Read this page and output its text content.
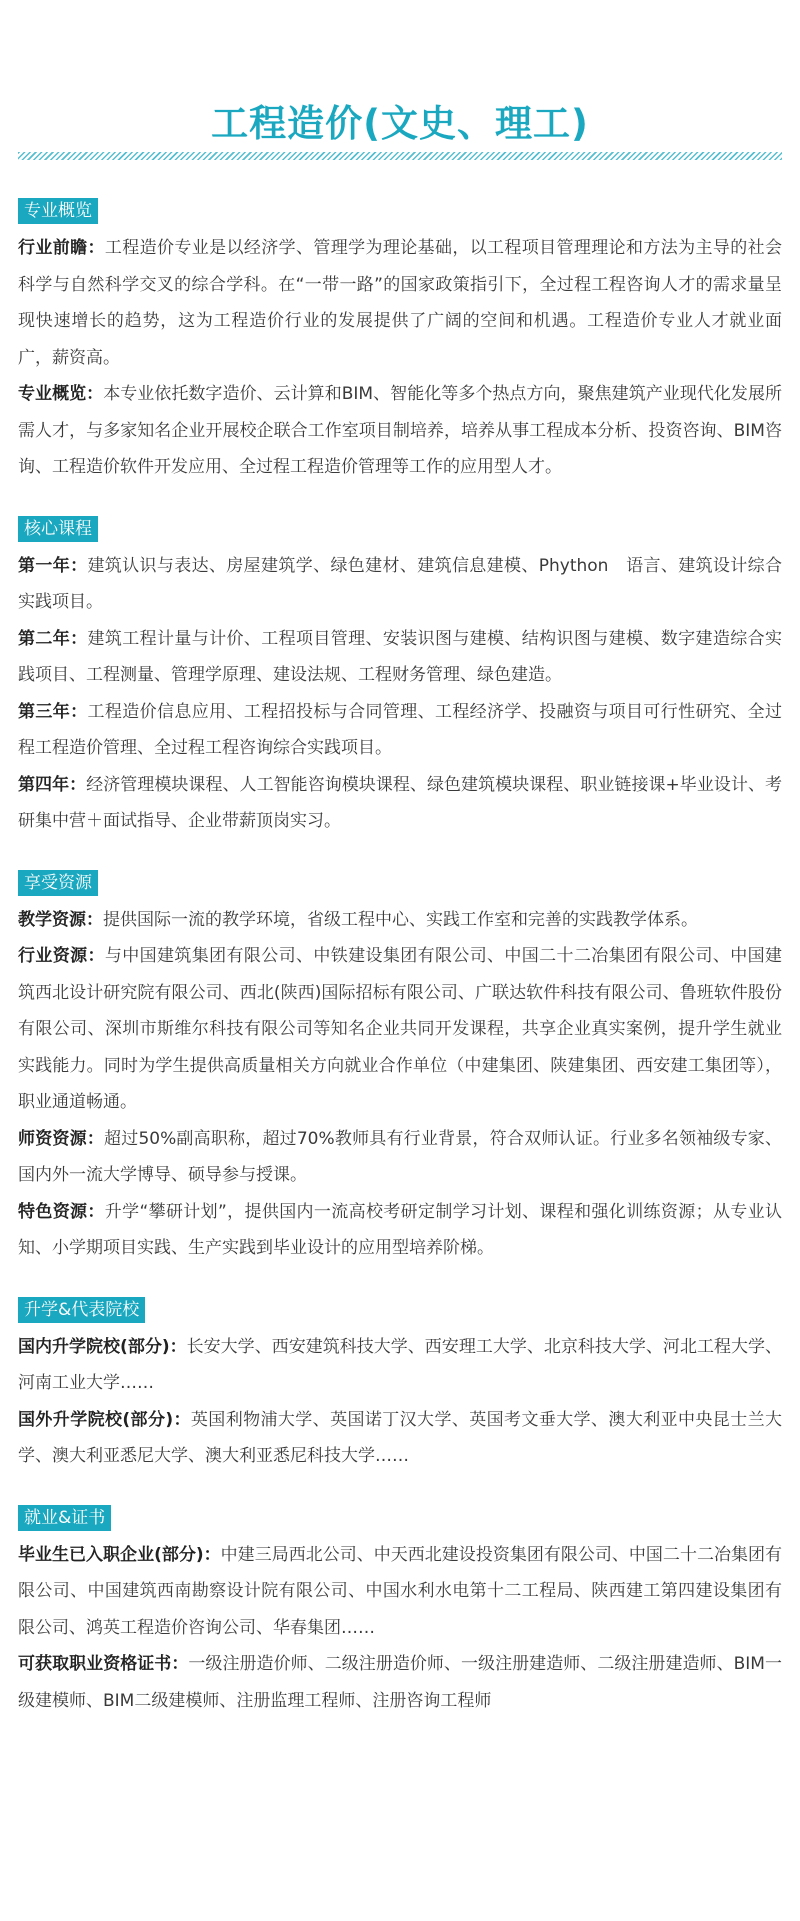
工程造价(文史、理工)
专业概览

行业前瞻：工程造价专业是以经济学、管理学为理论基础，以工程项目管理理论和方法为主导的社会科学与自然科学交叉的综合学科。在“一带一路”的国家政策指引下，全过程工程咨询人才的需求量呈现快速增长的趋势，这为工程造价行业的发展提供了广阔的空间和机遇。工程造价专业人才就业面广，薪资高。

专业概览：本专业依托数字造价、云计算和BIM、智能化等多个热点方向，聚焦建筑产业现代化发展所需人才，与多家知名企业开展校企联合工作室项目制培养，培养从事工程成本分析、投资咨询、BIM咨询、工程造价软件开发应用、全过程工程造价管理等工作的应用型人才。

核心课程

第一年：建筑认识与表达、房屋建筑学、绿色建材、建筑信息建模、Phython　语言、建筑设计综合实践项目。

第二年：建筑工程计量与计价、工程项目管理、安装识图与建模、结构识图与建模、数字建造综合实践项目、工程测量、管理学原理、建设法规、工程财务管理、绿色建造。

第三年：工程造价信息应用、工程招投标与合同管理、工程经济学、投融资与项目可行性研究、全过程工程造价管理、全过程工程咨询综合实践项目。

第四年：经济管理模块课程、人工智能咨询模块课程、绿色建筑模块课程、职业链接课+毕业设计、考研集中营＋面试指导、企业带薪顶岗实习。

享受资源

教学资源：提供国际一流的教学环境，省级工程中心、实践工作室和完善的实践教学体系。

行业资源：与中国建筑集团有限公司、中铁建设集团有限公司、中国二十二冶集团有限公司、中国建筑西北设计研究院有限公司、西北(陕西)国际招标有限公司、广联达软件科技有限公司、鲁班软件股份有限公司、深圳市斯维尔科技有限公司等知名企业共同开发课程，共享企业真实案例，提升学生就业实践能力。同时为学生提供高质量相关方向就业合作单位（中建集团、陕建集团、西安建工集团等），职业通道畅通。

师资资源：超过50%副高职称，超过70%教师具有行业背景，符合双师认证。行业多名领袖级专家、国内外一流大学博导、硕导参与授课。

特色资源：升学“攀研计划”，提供国内一流高校考研定制学习计划、课程和强化训练资源；从专业认知、小学期项目实践、生产实践到毕业设计的应用型培养阶梯。

升学&代表院校

国内升学院校(部分)：长安大学、西安建筑科技大学、西安理工大学、北京科技大学、河北工程大学、河南工业大学……

国外升学院校(部分)：英国利物浦大学、英国诺丁汉大学、英国考文垂大学、澳大利亚中央昆士兰大学、澳大利亚悉尼大学、澳大利亚悉尼科技大学……

就业&证书

毕业生已入职企业(部分)：中建三局西北公司、中天西北建设投资集团有限公司、中国二十二冶集团有限公司、中国建筑西南勘察设计院有限公司、中国水利水电第十二工程局、陕西建工第四建设集团有限公司、鸿英工程造价咨询公司、华春集团……

可获取职业资格证书：一级注册造价师、二级注册造价师、一级注册建造师、二级注册建造师、BIM一级建模师、BIM二级建模师、注册监理工程师、注册咨询工程师
